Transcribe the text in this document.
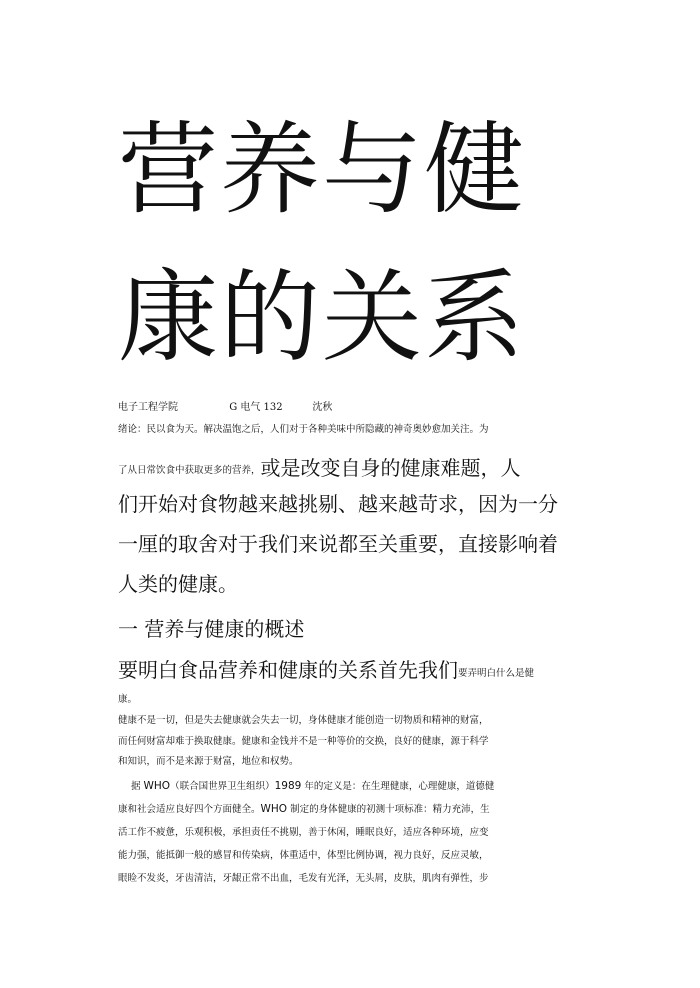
营养与健
康的关系
电子工程学院	G 电气 132	沈秋
绪论：民以食为天。解决温饱之后，人们对于各种美味中所隐藏的神奇奥妙愈加关注。为
了从日常饮食中获取更多的营养，或是改变自身的健康难题，人
们开始对食物越来越挑剔、越来越苛求，因为一分
一厘的取舍对于我们来说都至关重要，直接影响着
人类的健康。
一 营养与健康的概述
要明白食品营养和健康的关系首先我们要弄明白什么是健
康。
健康不是一切，但是失去健康就会失去一切，身体健康才能创造一切物质和精神的财富，
而任何财富却难于换取健康。健康和金钱并不是一种等价的交换，良好的健康，源于科学
和知识，而不是来源于财富，地位和权势。
据 WHO（联合国世界卫生组织）1989 年的定义是：在生理健康，心理健康，道德健
康和社会适应良好四个方面健全。WHO 制定的身体健康的初测十项标准：精力充沛，生
活工作不疲惫，乐观积极，承担责任不挑剔，善于休闲，睡眠良好，适应各种环境，应变
能力强，能抵御一般的感冒和传染病，体重适中，体型比例协调，视力良好，反应灵敏，
眼睑不发炎，牙齿清洁，牙龈正常不出血，毛发有光泽，无头屑，皮肤，肌肉有弹性，步
